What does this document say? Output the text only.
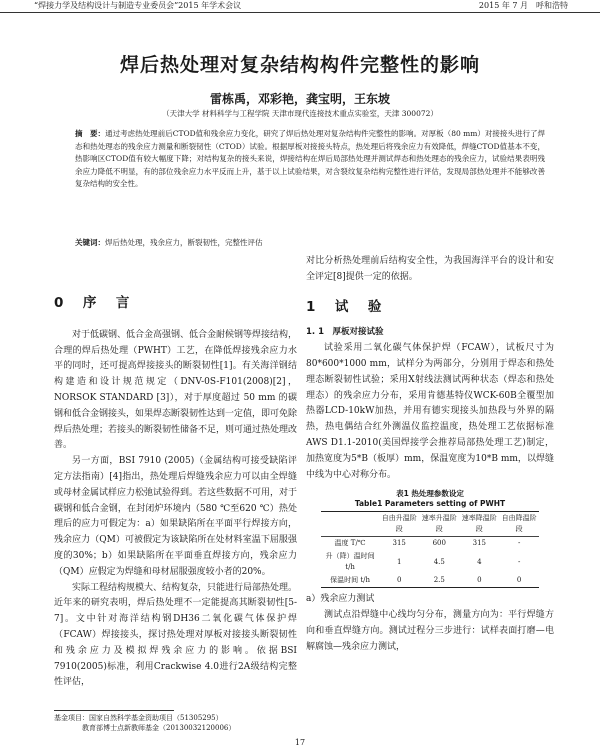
“焊接力学及结构设计与制造专业委员会”2015 年学术会议	2015 年 7 月　呼和浩特
焊后热处理对复杂结构构件完整性的影响
雷栋禹，邓彩艳，龚宝明，王东坡
（天津大学 材料科学与工程学院 天津市现代连接技术重点实验室，天津 300072）
摘　要：通过考虑热处理前后CTOD值和残余应力变化，研究了焊后热处理对复杂结构件完整性的影响。对厚板（80 mm）对接接头进行了焊态和热处理态的残余应力测量和断裂韧性（CTOD）试验。根据厚板对接接头特点，热处理后将残余应力有效降低，焊缝CTOD值基本不变，热影响区CTOD值有较大幅度下降；对结构复杂的接头来说，焊接结构在焊后局部热处理并测试焊态和热处理态的残余应力，试验结果表明残余应力降低不明显，有的部位残余应力水平反而上升，基于以上试验结果，对含裂纹复杂结构完整性进行评估，发现局部热处理并不能够改善复杂结构的安全性。
关键词：焊后热处理，残余应力，断裂韧性，完整性评估
0　序　言
对于低碳钢、低合金高强钢、低合金耐候钢等焊接结构，合理的焊后热处理（PWHT）工艺，在降低焊接残余应力水平的同时，还可提高焊接接头的断裂韧性[1]。有关海洋钢结构建造和设计规范规定（DNV-0S-F101(2008)[2]，NORSOK STANDARD [3]），对于厚度超过 50 mm 的碳钢和低合金钢接头，如果焊态断裂韧性达到一定值，即可免除焊后热处理；若接头的断裂韧性储备不足，则可通过热处理改善。
另一方面，BSI 7910 (2005)（金属结构可接受缺陷评定方法指南）[4]指出，热处理后焊缝残余应力可以由全焊缝或母材金属试样应力松弛试验得到。若这些数据不可用，对于碳钢和低合金钢，在封闭炉环境内（580 ℃至620 ℃）热处理后的应力可假定为：a）如果缺陷所在平面平行焊接方向，残余应力（QM）可被假定为该缺陷所在处材料室温下屈服强度的30%；b）如果缺陷所在平面垂直焊接方向，残余应力（QM）应假定为焊缝和母材屈服强度较小者的20%。
实际工程结构规模大、结构复杂，只能进行局部热处理。近年来的研究表明，焊后热处理不一定能提高其断裂韧性[5-7]。文中针对海洋结构钢DH36二氧化碳气体保护焊（FCAW）焊接接头，探讨热处理对厚板对接接头断裂韧性和残余应力及模拟焊残余应力的影响。依据BSI 7910(2005)标准，利用Crackwise 4.0进行2A级结构完整性评估，
对比分析热处理前后结构安全性，为我国海洋平台的设计和安全评定[8]提供一定的依据。
1　试　验
1. 1　厚板对接试验
试验采用二氧化碳气体保护焊（FCAW），试板尺寸为80*600*1000 mm，试样分为两部分，分别用于焊态和热处理态断裂韧性试验；采用X射线法测试两种状态（焊态和热处理态）的残余应力分布，采用肯德基特仪WCK-60B全覆型加热器LCD-10kW加热，并用有德实现接头加热段与外界的隔热，热电偶结合红外测温仪监控温度，热处理工艺依据标准AWS D1.1-2010(美国焊接学会推荐局部热处理工艺)制定，加热宽度为5*B（板厚）mm，保温宽度为10*B mm，以焊缝中线为中心对称分布。
表1 热处理参数设定
Table1 Parameters setting of PWHT
	自由升温阶段	速率升温阶段	速率降温阶段	自由降温阶段
温度 T/℃	315	600	315	-
升（降）温时间 t/h	1	4.5	4	-
保温时间 t/h	0	2.5	0	0
a）残余应力测试
测试点沿焊缝中心线均匀分布，测量方向为：平行焊缝方向和垂直焊缝方向。测试过程分三步进行：试样表面打磨—电解腐蚀—残余应力测试，
基金项目：国家自然科学基金资助项目（51305295）
教育部博士点新教师基金（20130032120006）
17
